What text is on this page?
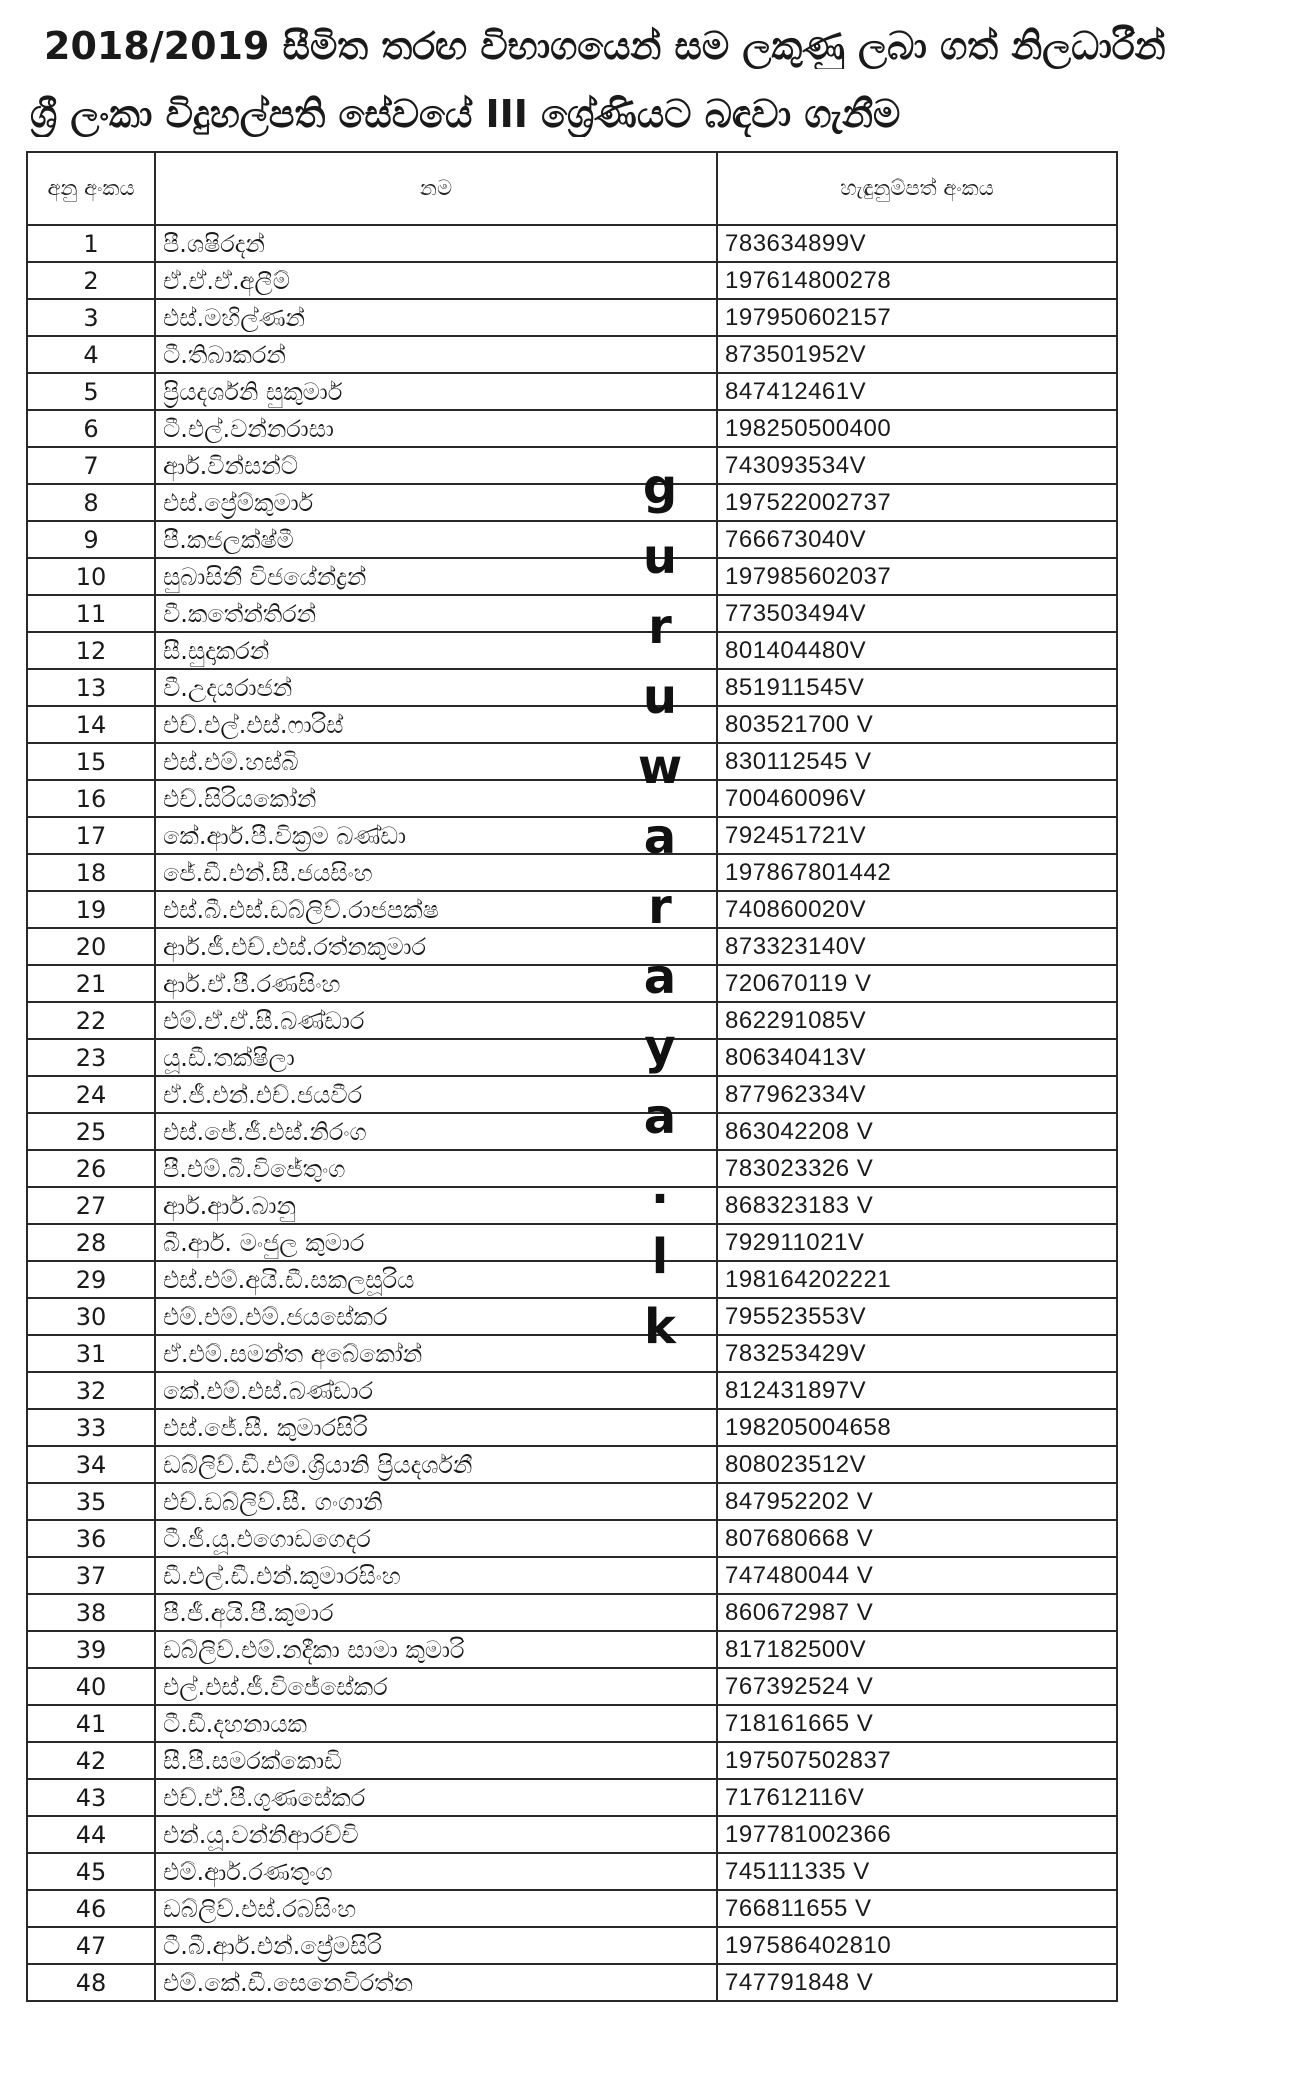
2018/2019 සීමිත තරඟ විභාගයෙන් සම ලකුණු ලබා ගත් නිලධාරීන්
ශ්‍රී ලංකා විදුහල්පති සේවයේ III ශ්‍රේණියට බඳවා ගැනීම
අනු අංකය	නම	හැඳුනුම්පත් අංකය
1	පී.ශෂිරදන්	783634899V
2	ඒ.ඒ.ඒ.අලීම්	197614800278
3	එස්.මහිල්ණන්	197950602157
4	ටී.තිබාකරන්	873501952V
5	ප්‍රියදර්ශනි සුකුමාර්	847412461V
6	ටී.එල්.වන්නරාසා	198250500400
7	ආර්.වින්සන්ට්	743093534V
8	එස්.ප්‍රේම්කුමාර්	197522002737
9	පී.කජලක්ෂ්මී	766673040V
10	සුබාසිනී විජයේන්ද්‍රන්	197985602037
11	වී.කතේන්තිරන්	773503494V
12	සී.සුදාකරන්	801404480V
13	වී.උදයරාජන්	851911545V
14	එච්.එල්.එස්.ෆාරිස්	803521700 V
15	එස්.එම්.හස්බි	830112545 V
16	එච්.සිරියකෝන්	700460096V
17	කේ.ආර්.පී.වික්‍රම බණ්ඩා	792451721V
18	ජේ.ඩී.එන්.සී.ජයසිංහ	197867801442
19	එස්.බී.එස්.ඩබ්ලිව්.රාජපක්ෂ	740860020V
20	ආර්.ජී.එච්.එස්.රත්නකුමාර	873323140V
21	ආර්.ඒ.පී.රණසිංහ	720670119 V
22	එම්.ඒ.ඒ.සී.බණ්ඩාර	862291085V
23	යූ.ඩී.තක්ෂිලා	806340413V
24	ඒ.ජී.එන්.එච්.ජයවීර	877962334V
25	එස්.ජේ.ජී.එස්.නිරංග	863042208 V
26	පී.එම්.බී.විජේතුංග	783023326 V
27	ආර්.ආර්.බානු	868323183 V
28	බී.ආර්. මංජුල කුමාර	792911021V
29	එස්.එම්.අයි.ඩී.සකලසූරිය	198164202221
30	එම්.එම්.එම්.ජයසේකර	795523553V
31	ඒ.එම්.සමන්ත අබේකෝන්	783253429V
32	කේ.එම්.එස්.බණ්ඩාර	812431897V
33	එස්.ජේ.සී. කුමාරසිරි	198205004658
34	ඩබ්ලිව්.ඩී.එම්.ශ්‍රියානි ප්‍රියදර්ශනී	808023512V
35	එච්.ඩබ්ලිව්.සී. ගංගානි	847952202 V
36	ටී.ජී.යූ.එගොඩගෙදර	807680668 V
37	ඩී.එල්.ඩී.එන්.කුමාරසිංහ	747480044 V
38	පී.ජී.අයි.පී.කුමාර	860672987 V
39	ඩබ්ලිව්.එම්.නදීකා සාමා කුමාරි	817182500V
40	එල්.එස්.ජී.විජේසේකර	767392524 V
41	ටී.ඩී.දහනායක	718161665 V
42	සී.පී.සමරක්කොඩි	197507502837
43	එච්.ඒ.පී.ගුණසේකර	717612116V
44	එන්.යූ.වන්නිආරච්චි	197781002366
45	එම්.ආර්.රණතුංග	745111335 V
46	ඩබ්ලිව්.එස්.රබසිංහ	766811655 V
47	ටී.බී.ආර්.එන්.ප්‍රේමසිරි	197586402810
48	එම්.කේ.ඩී.සෙනෙවිරත්න	747791848 V
g
u
r
u
w
a
r
a
y
a
.
l
k
